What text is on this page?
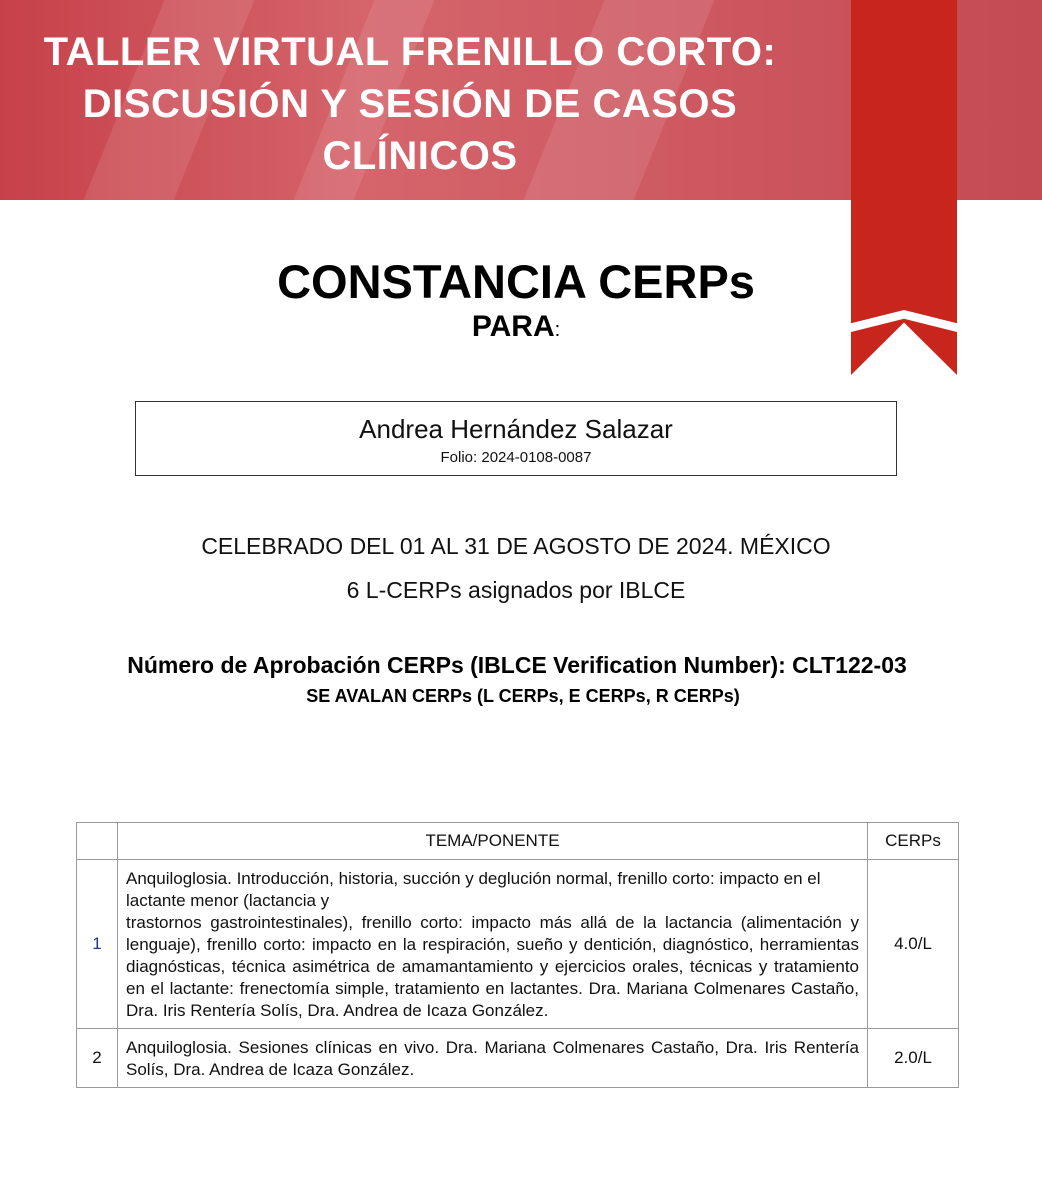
TALLER VIRTUAL FRENILLO CORTO:
DISCUSIÓN Y SESIÓN DE CASOS
CLÍNICOS
CONSTANCIA CERPs
PARA:
Andrea Hernández Salazar
Folio: 2024-0108-0087
CELEBRADO DEL 01 AL 31 DE AGOSTO DE 2024. MÉXICO
6 L-CERPs asignados por IBLCE
Número de Aprobación CERPs (IBLCE Verification Number): CLT122-03
SE AVALAN CERPs (L CERPs, E CERPs, R CERPs)
	TEMA/PONENTE	CERPs
1	Anquiloglosia. Introducción, historia, succión y deglución normal, frenillo corto: impacto en el lactante menor (lactancia y
trastornos gastrointestinales), frenillo corto: impacto más allá de la lactancia (alimentación y lenguaje), frenillo corto: impacto en la respiración, sueño y dentición, diagnóstico, herramientas diagnósticas, técnica asimétrica de amamantamiento y ejercicios orales, técnicas y tratamiento en el lactante: frenectomía simple, tratamiento en lactantes. Dra. Mariana Colmenares Castaño, Dra. Iris Rentería Solís, Dra. Andrea de Icaza González.	4.0/L
2	Anquiloglosia. Sesiones clínicas en vivo. Dra. Mariana Colmenares Castaño, Dra. Iris Rentería Solís, Dra. Andrea de Icaza González.	2.0/L
